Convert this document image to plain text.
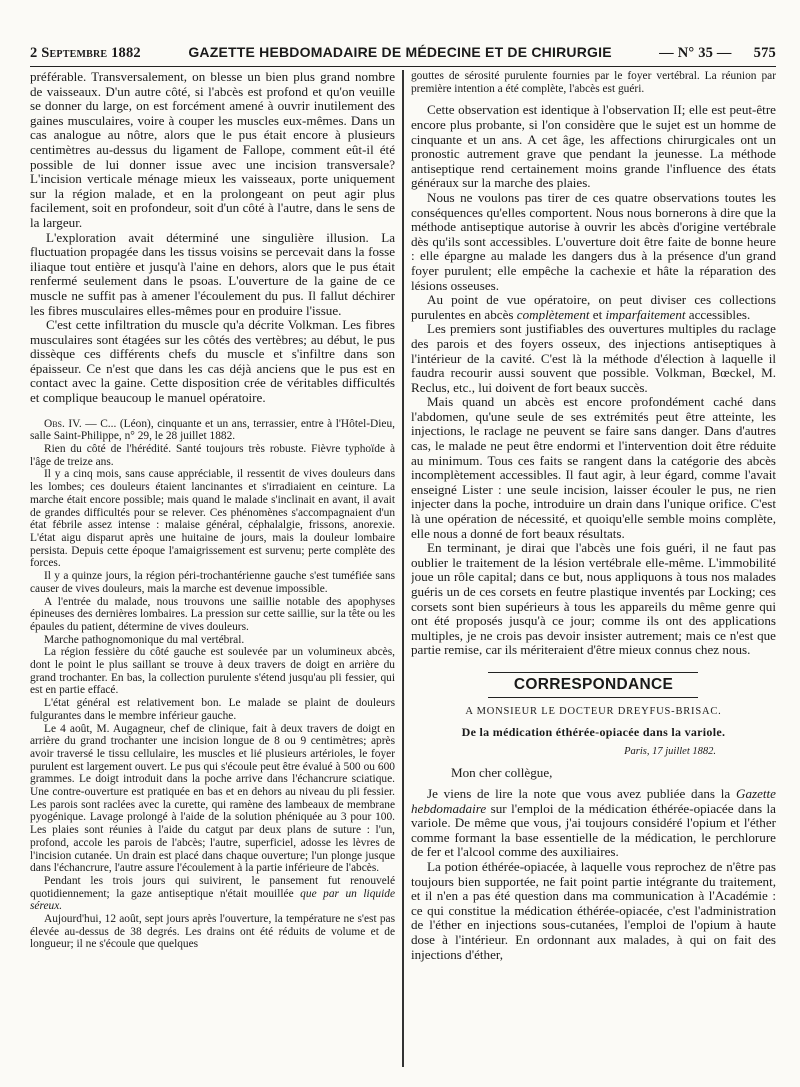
2 Septembre 1882	GAZETTE HEBDOMADAIRE DE MÉDECINE ET DE CHIRURGIE	— N° 35 — 575

préférable. Transversalement, on blesse un bien plus grand nombre de vaisseaux. D'un autre côté, si l'abcès est profond et qu'on veuille se donner du large, on est forcément amené à ouvrir inutilement des gaines musculaires, voire à couper les muscles eux-mêmes. Dans un cas analogue au nôtre, alors que le pus était encore à plusieurs centimètres au-dessus du ligament de Fallope, comment eût-il été possible de lui donner issue avec une incision transversale? L'incision verticale ménage mieux les vaisseaux, porte uniquement sur la région malade, et en la prolongeant on peut agir plus facilement, soit en profondeur, soit d'un côté à l'autre, dans le sens de la largeur.

L'exploration avait déterminé une singulière illusion. La fluctuation propagée dans les tissus voisins se percevait dans la fosse iliaque tout entière et jusqu'à l'aine en dehors, alors que le pus était renfermé seulement dans le psoas. L'ouverture de la gaine de ce muscle ne suffit pas à amener l'écoulement du pus. Il fallut déchirer les fibres musculaires elles-mêmes pour en produire l'issue.

C'est cette infiltration du muscle qu'a décrite Volkman. Les fibres musculaires sont étagées sur les côtés des vertèbres; au début, le pus dissèque ces différents chefs du muscle et s'infiltre dans son épaisseur. Ce n'est que dans les cas déjà anciens que le pus est en contact avec la gaine. Cette disposition crée de véritables difficultés et complique beaucoup le manuel opératoire.

Obs. IV. — C... (Léon), cinquante et un ans, terrassier, entre à l'Hôtel-Dieu, salle Saint-Philippe, n° 29, le 28 juillet 1882.

Rien du côté de l'hérédité. Santé toujours très robuste. Fièvre typhoïde à l'âge de treize ans.

Il y a cinq mois, sans cause appréciable, il ressentit de vives douleurs dans les lombes; ces douleurs étaient lancinantes et s'irradiaient en ceinture. La marche était encore possible; mais quand le malade s'inclinait en avant, il avait de grandes difficultés pour se relever. Ces phénomènes s'accompagnaient d'un état fébrile assez intense : malaise général, céphalalgie, frissons, anorexie. L'état aigu disparut après une huitaine de jours, mais la douleur lombaire persista. Depuis cette époque l'amaigrissement est survenu; perte complète des forces.

Il y a quinze jours, la région péri-trochantérienne gauche s'est tuméfiée sans causer de vives douleurs, mais la marche est devenue impossible.

A l'entrée du malade, nous trouvons une saillie notable des apophyses épineuses des dernières lombaires. La pression sur cette saillie, sur la tête ou les épaules du patient, détermine de vives douleurs.

Marche pathognomonique du mal vertébral.

La région fessière du côté gauche est soulevée par un volumineux abcès, dont le point le plus saillant se trouve à deux travers de doigt en arrière du grand trochanter. En bas, la collection purulente s'étend jusqu'au pli fessier, qui est en partie effacé.

L'état général est relativement bon. Le malade se plaint de douleurs fulgurantes dans le membre inférieur gauche.

Le 4 août, M. Augagneur, chef de clinique, fait à deux travers de doigt en arrière du grand trochanter une incision longue de 8 ou 9 centimètres; après avoir traversé le tissu cellulaire, les muscles et lié plusieurs artérioles, le foyer purulent est largement ouvert. Le pus qui s'écoule peut être évalué à 500 ou 600 grammes. Le doigt introduit dans la poche arrive dans l'échancrure sciatique. Une contre-ouverture est pratiquée en bas et en dehors au niveau du pli fessier. Les parois sont raclées avec la curette, qui ramène des lambeaux de membrane pyogénique. Lavage prolongé à l'aide de la solution phéniquée au 3 pour 100. Les plaies sont réunies à l'aide du catgut par deux plans de suture : l'un, profond, accole les parois de l'abcès; l'autre, superficiel, adosse les lèvres de l'incision cutanée. Un drain est placé dans chaque ouverture; l'un plonge jusque dans l'échancrure, l'autre assure l'écoulement à la partie inférieure de l'abcès.

Pendant les trois jours qui suivirent, le pansement fut renouvelé quotidiennement; la gaze antiseptique n'était mouillée que par un liquide séreux.

Aujourd'hui, 12 août, sept jours après l'ouverture, la température ne s'est pas élevée au-dessus de 38 degrés. Les drains ont été réduits de volume et de longueur; il ne s'écoule que quelques

gouttes de sérosité purulente fournies par le foyer vertébral. La réunion par première intention a été complète, l'abcès est guéri.

Cette observation est identique à l'observation II; elle est peut-être encore plus probante, si l'on considère que le sujet est un homme de cinquante et un ans. A cet âge, les affections chirurgicales ont un pronostic autrement grave que pendant la jeunesse. La méthode antiseptique rend certainement moins grande l'influence des états généraux sur la marche des plaies.

Nous ne voulons pas tirer de ces quatre observations toutes les conséquences qu'elles comportent. Nous nous bornerons à dire que la méthode antiseptique autorise à ouvrir les abcès d'origine vertébrale dès qu'ils sont accessibles. L'ouverture doit être faite de bonne heure : elle épargne au malade les dangers dus à la présence d'un grand foyer purulent; elle empêche la cachexie et hâte la réparation des lésions osseuses.

Au point de vue opératoire, on peut diviser ces collections purulentes en abcès complètement et imparfaitement accessibles.

Les premiers sont justifiables des ouvertures multiples du raclage des parois et des foyers osseux, des injections antiseptiques à l'intérieur de la cavité. C'est là la méthode d'élection à laquelle il faudra recourir aussi souvent que possible. Volkman, Bœckel, M. Reclus, etc., lui doivent de fort beaux succès.

Mais quand un abcès est encore profondément caché dans l'abdomen, qu'une seule de ses extrémités peut être atteinte, les injections, le raclage ne peuvent se faire sans danger. Dans d'autres cas, le malade ne peut être endormi et l'intervention doit être réduite au minimum. Tous ces faits se rangent dans la catégorie des abcès incomplètement accessibles. Il faut agir, à leur égard, comme l'avait enseigné Lister : une seule incision, laisser écouler le pus, ne rien injecter dans la poche, introduire un drain dans l'unique orifice. C'est là une opération de nécessité, et quoiqu'elle semble moins complète, elle nous a donné de fort beaux résultats.

En terminant, je dirai que l'abcès une fois guéri, il ne faut pas oublier le traitement de la lésion vertébrale elle-même. L'immobilité joue un rôle capital; dans ce but, nous appliquons à tous nos malades guéris un de ces corsets en feutre plastique inventés par Locking; ces corsets sont bien supérieurs à tous les appareils du même genre qui ont été proposés jusqu'à ce jour; comme ils ont des applications multiples, je ne crois pas devoir insister autrement; mais ce n'est que partie remise, car ils mériteraient d'être mieux connus chez nous.

CORRESPONDANCE
A MONSIEUR LE DOCTEUR DREYFUS-BRISAC.
De la médication éthérée-opiacée dans la variole.
Paris, 17 juillet 1882.
Mon cher collègue,

Je viens de lire la note que vous avez publiée dans la Gazette hebdomadaire sur l'emploi de la médication éthérée-opiacée dans la variole. De même que vous, j'ai toujours considéré l'opium et l'éther comme formant la base essentielle de la médication, le perchlorure de fer et l'alcool comme des auxiliaires.

La potion éthérée-opiacée, à laquelle vous reprochez de n'être pas toujours bien supportée, ne fait point partie intégrante du traitement, et il n'en a pas été question dans ma communication à l'Académie : ce qui constitue la médication éthérée-opiacée, c'est l'administration de l'éther en injections sous-cutanées, l'emploi de l'opium à haute dose à l'intérieur. En ordonnant aux malades, à qui on fait des injections d'éther,
